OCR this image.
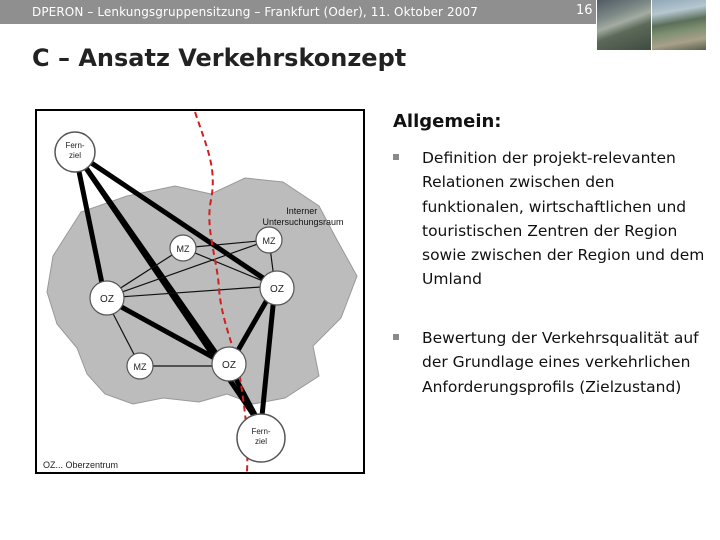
DPERON – Lenkungsgruppensitzung – Frankfurt (Oder), 11. Oktober 2007	16
C – Ansatz Verkehrskonzept
Interner Untersuchungsraum
Fern-ziel
Fern-ziel
MZ
MZ
MZ
OZ
OZ
OZ
OZ... Oberzentrum
Allgemein:
Definition der projekt-relevanten Relationen zwischen den funktionalen, wirtschaftlichen und touristischen Zentren der Region sowie zwischen der Region und dem Umland
Bewertung der Verkehrsqualität auf der Grundlage eines verkehrlichen Anforderungsprofils (Zielzustand)
